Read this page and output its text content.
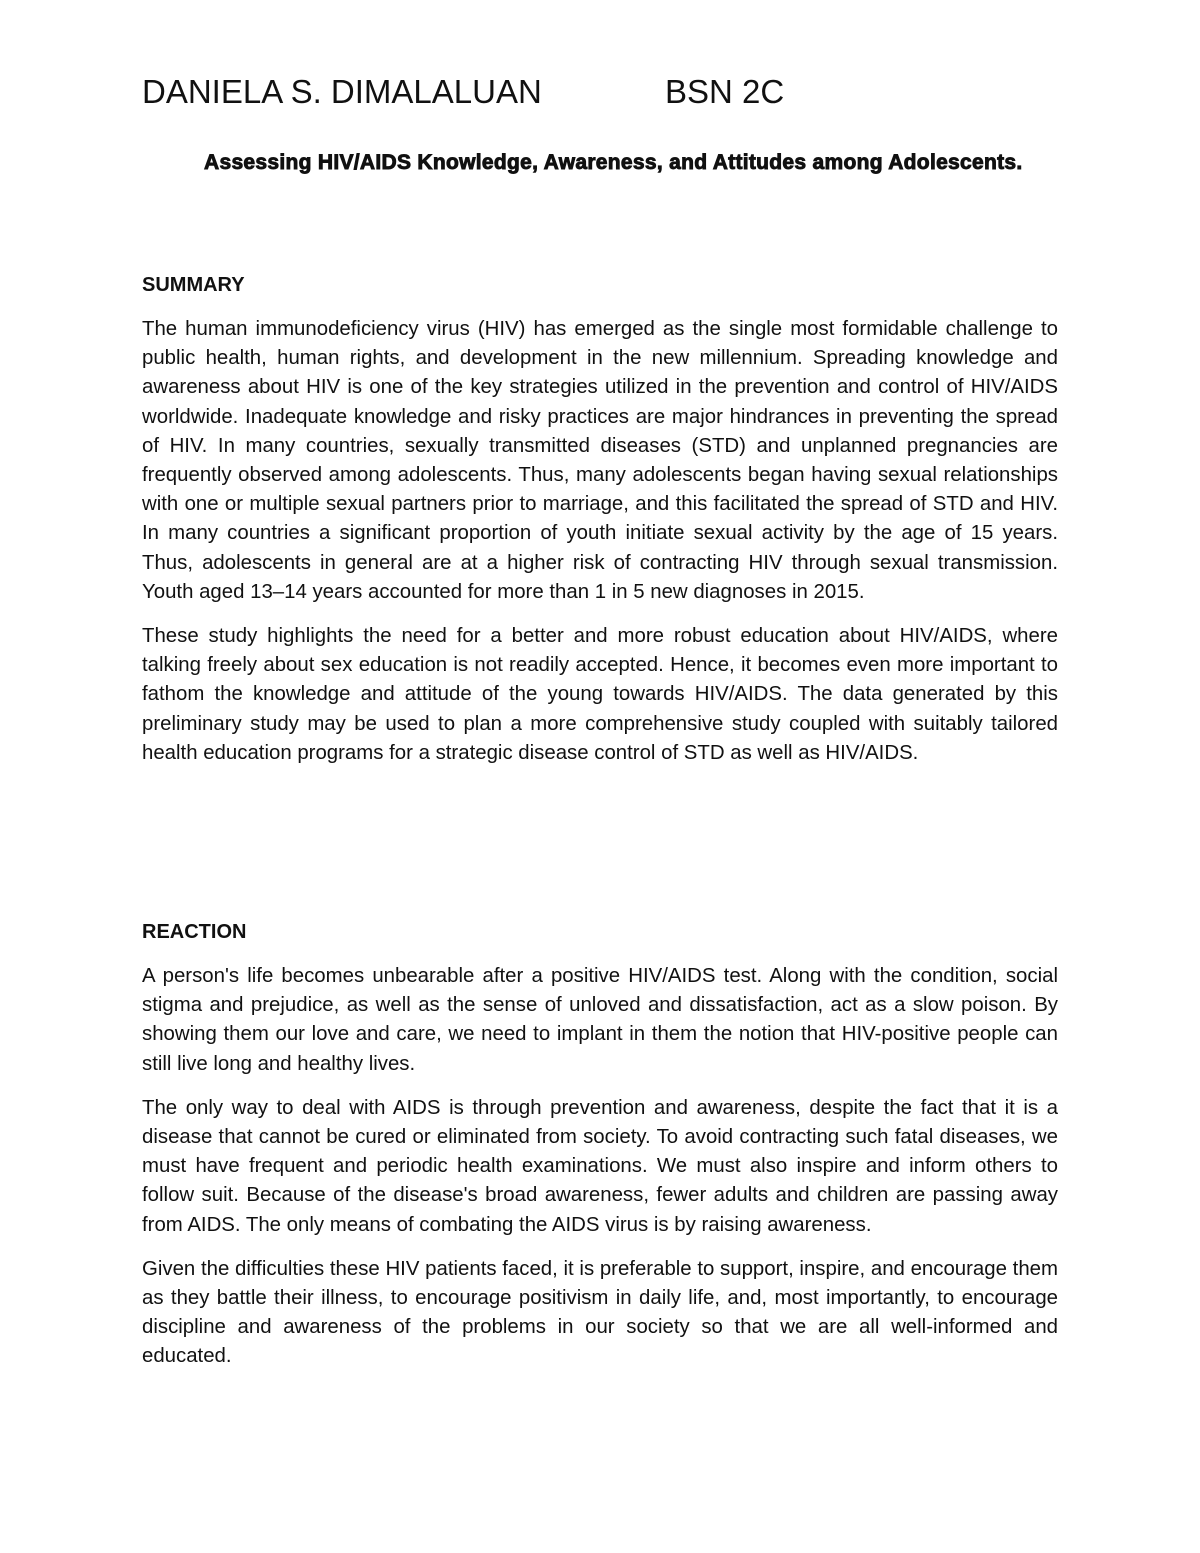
DANIELA S. DIMALALUAN	BSN 2C
Assessing HIV/AIDS Knowledge, Awareness, and Attitudes among Adolescents.
SUMMARY

The human immunodeficiency virus (HIV) has emerged as the single most formidable challenge to public health, human rights, and development in the new millennium. Spreading knowledge and awareness about HIV is one of the key strategies utilized in the prevention and control of HIV/AIDS worldwide. Inadequate knowledge and risky practices are major hindrances in preventing the spread of HIV. In many countries, sexually transmitted diseases (STD) and unplanned pregnancies are frequently observed among adolescents. Thus, many adolescents began having sexual relationships with one or multiple sexual partners prior to marriage, and this facilitated the spread of STD and HIV. In many countries a significant proportion of youth initiate sexual activity by the age of 15 years. Thus, adolescents in general are at a higher risk of contracting HIV through sexual transmission. Youth aged 13–14 years accounted for more than 1 in 5 new diagnoses in 2015.

These study highlights the need for a better and more robust education about HIV/AIDS, where talking freely about sex education is not readily accepted. Hence, it becomes even more important to fathom the knowledge and attitude of the young towards HIV/AIDS. The data generated by this preliminary study may be used to plan a more comprehensive study coupled with suitably tailored health education programs for a strategic disease control of STD as well as HIV/AIDS.

REACTION

A person's life becomes unbearable after a positive HIV/AIDS test. Along with the condition, social stigma and prejudice, as well as the sense of unloved and dissatisfaction, act as a slow poison. By showing them our love and care, we need to implant in them the notion that HIV-positive people can still live long and healthy lives.

The only way to deal with AIDS is through prevention and awareness, despite the fact that it is a disease that cannot be cured or eliminated from society. To avoid contracting such fatal diseases, we must have frequent and periodic health examinations. We must also inspire and inform others to follow suit. Because of the disease's broad awareness, fewer adults and children are passing away from AIDS. The only means of combating the AIDS virus is by raising awareness.

Given the difficulties these HIV patients faced, it is preferable to support, inspire, and encourage them as they battle their illness, to encourage positivism in daily life, and, most importantly, to encourage discipline and awareness of the problems in our society so that we are all well-informed and educated.
